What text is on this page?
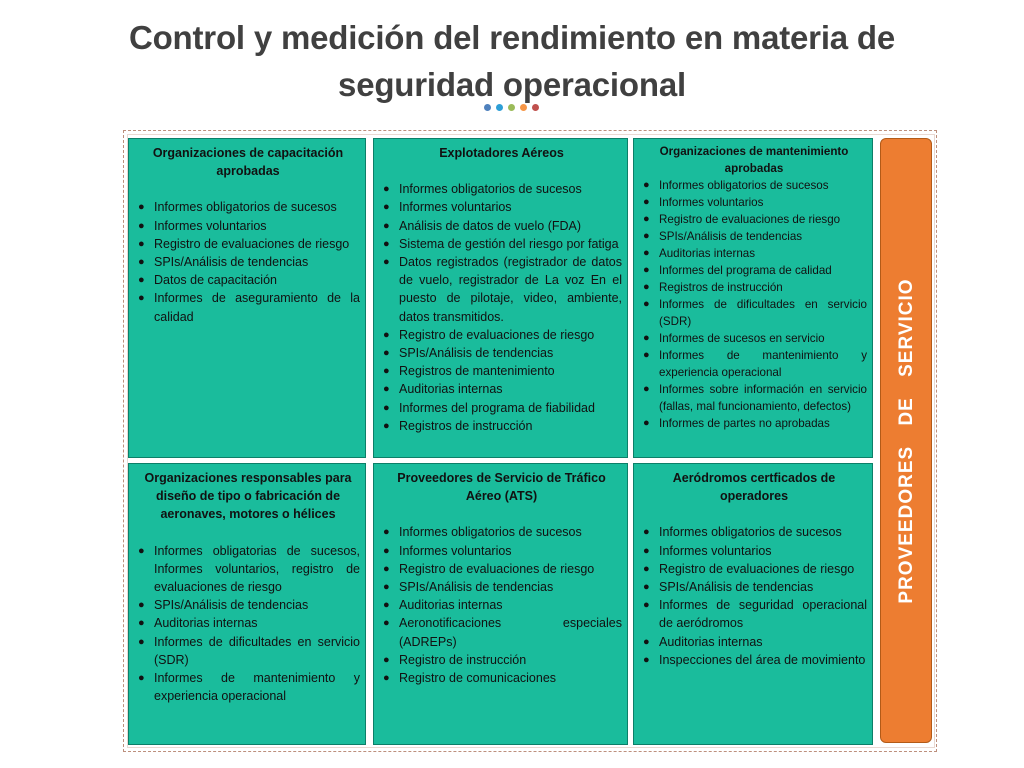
Control y medición del rendimiento en materia de
seguridad operacional
Organizaciones de capacitación aprobadas
● Informes obligatorios de sucesos
● Informes voluntarios
● Registro de evaluaciones de riesgo
● SPIs/Análisis de tendencias
● Datos de capacitación
● Informes de aseguramiento de la calidad
Explotadores Aéreos
● Informes obligatorios de sucesos
● Informes voluntarios
● Análisis de datos de vuelo (FDA)
● Sistema de gestión del riesgo por fatiga
● Datos registrados (registrador de datos de vuelo, registrador de La voz En el puesto de pilotaje, video, ambiente, datos transmitidos.
● Registro de evaluaciones de riesgo
● SPIs/Análisis de tendencias
● Registros de mantenimiento
● Auditorias internas
● Informes del programa de fiabilidad
● Registros de instrucción
Organizaciones de mantenimiento aprobadas
● Informes obligatorios de sucesos
● Informes voluntarios
● Registro de evaluaciones de riesgo
● SPIs/Análisis de tendencias
● Auditorias internas
● Informes del programa de calidad
● Registros de instrucción
● Informes de dificultades en servicio (SDR)
● Informes de sucesos en servicio
● Informes de mantenimiento y experiencia operacional
● Informes sobre información en servicio (fallas, mal funcionamiento, defectos)
● Informes de partes no aprobadas
Organizaciones responsables para diseño de tipo o fabricación de aeronaves, motores o hélices
● Informes obligatorias de sucesos, Informes voluntarios, registro de evaluaciones de riesgo
● SPIs/Análisis de tendencias
● Auditorias internas
● Informes de dificultades en servicio (SDR)
● Informes de mantenimiento y experiencia operacional
Proveedores de Servicio de Tráfico Aéreo (ATS)
● Informes obligatorios de sucesos
● Informes voluntarios
● Registro de evaluaciones de riesgo
● SPIs/Análisis de tendencias
● Auditorias internas
● Aeronotificaciones especiales (ADREPs)
● Registro de instrucción
● Registro de comunicaciones
Aeródromos certficados de operadores
● Informes obligatorios de sucesos
● Informes voluntarios
● Registro de evaluaciones de riesgo
● SPIs/Análisis de tendencias
● Informes de seguridad operacional de aeródromos
● Auditorias internas
● Inspecciones del área de movimiento
PROVEEDORES DE SERVICIO
